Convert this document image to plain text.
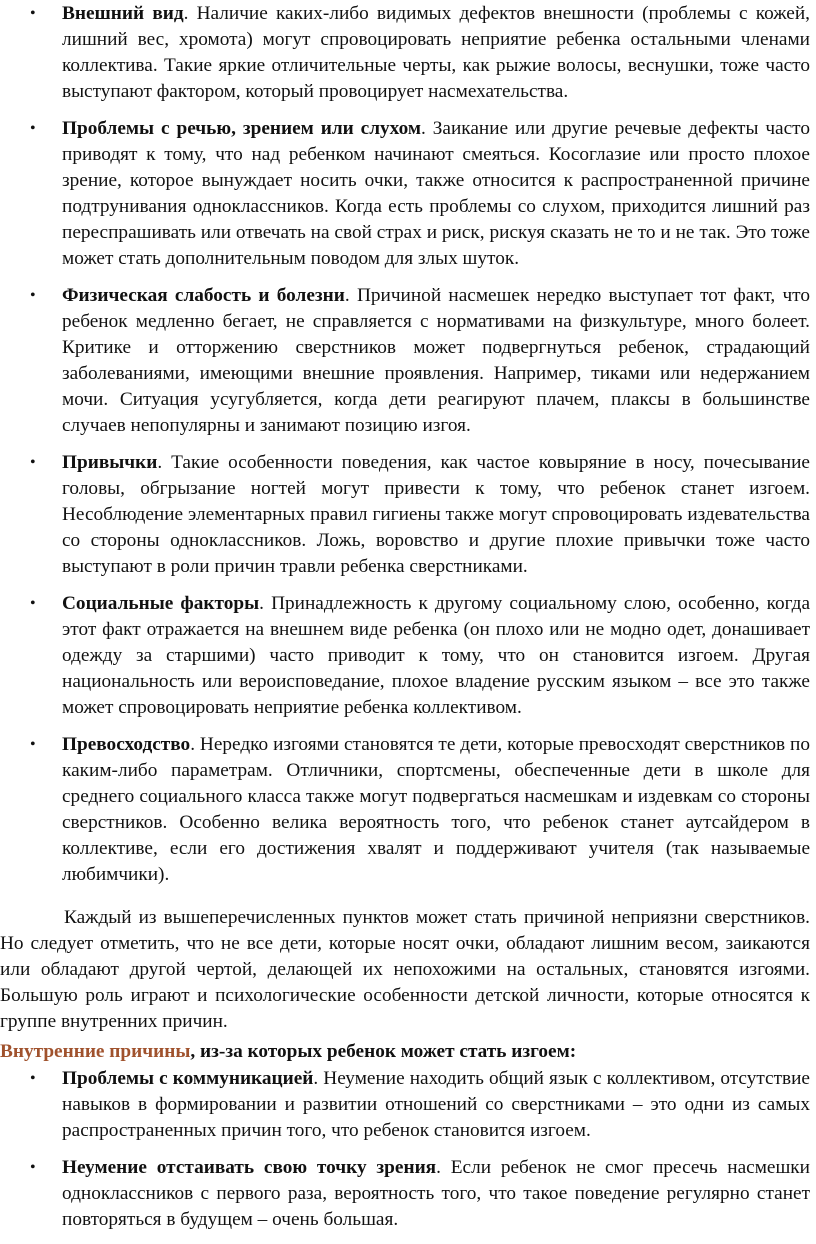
• Внешний вид. Наличие каких-либо видимых дефектов внешности (проблемы с кожей, лишний вес, хромота) могут спровоцировать неприятие ребенка остальными членами коллектива. Такие яркие отличительные черты, как рыжие волосы, веснушки, тоже часто выступают фактором, который провоцирует насмехательства.
• Проблемы с речью, зрением или слухом. Заикание или другие речевые дефекты часто приводят к тому, что над ребенком начинают смеяться. Косоглазие или просто плохое зрение, которое вынуждает носить очки, также относится к распространенной причине подтрунивания одноклассников. Когда есть проблемы со слухом, приходится лишний раз переспрашивать или отвечать на свой страх и риск, рискуя сказать не то и не так. Это тоже может стать дополнительным поводом для злых шуток.
• Физическая слабость и болезни. Причиной насмешек нередко выступает тот факт, что ребенок медленно бегает, не справляется с нормативами на физкультуре, много болеет. Критике и отторжению сверстников может подвергнуться ребенок, страдающий заболеваниями, имеющими внешние проявления. Например, тиками или недержанием мочи. Ситуация усугубляется, когда дети реагируют плачем, плаксы в большинстве случаев непопулярны и занимают позицию изгоя.
• Привычки. Такие особенности поведения, как частое ковыряние в носу, почесывание головы, обгрызание ногтей могут привести к тому, что ребенок станет изгоем. Несоблюдение элементарных правил гигиены также могут спровоцировать издевательства со стороны одноклассников. Ложь, воровство и другие плохие привычки тоже часто выступают в роли причин травли ребенка сверстниками.
• Социальные факторы. Принадлежность к другому социальному слою, особенно, когда этот факт отражается на внешнем виде ребенка (он плохо или не модно одет, донашивает одежду за старшими) часто приводит к тому, что он становится изгоем. Другая национальность или вероисповедание, плохое владение русским языком – все это также может спровоцировать неприятие ребенка коллективом.
• Превосходство. Нередко изгоями становятся те дети, которые превосходят сверстников по каким-либо параметрам. Отличники, спортсмены, обеспеченные дети в школе для среднего социального класса также могут подвергаться насмешкам и издевкам со стороны сверстников. Особенно велика вероятность того, что ребенок станет аутсайдером в коллективе, если его достижения хвалят и поддерживают учителя (так называемые любимчики).

Каждый из вышеперечисленных пунктов может стать причиной неприязни сверстников. Но следует отметить, что не все дети, которые носят очки, обладают лишним весом, заикаются или обладают другой чертой, делающей их непохожими на остальных, становятся изгоями. Большую роль играют и психологические особенности детской личности, которые относятся к группе внутренних причин.

Внутренние причины, из-за которых ребенок может стать изгоем:

• Проблемы с коммуникацией. Неумение находить общий язык с коллективом, отсутствие навыков в формировании и развитии отношений со сверстниками – это одни из самых распространенных причин того, что ребенок становится изгоем.
• Неумение отстаивать свою точку зрения. Если ребенок не смог пресечь насмешки одноклассников с первого раза, вероятность того, что такое поведение регулярно станет повторяться в будущем – очень большая.
